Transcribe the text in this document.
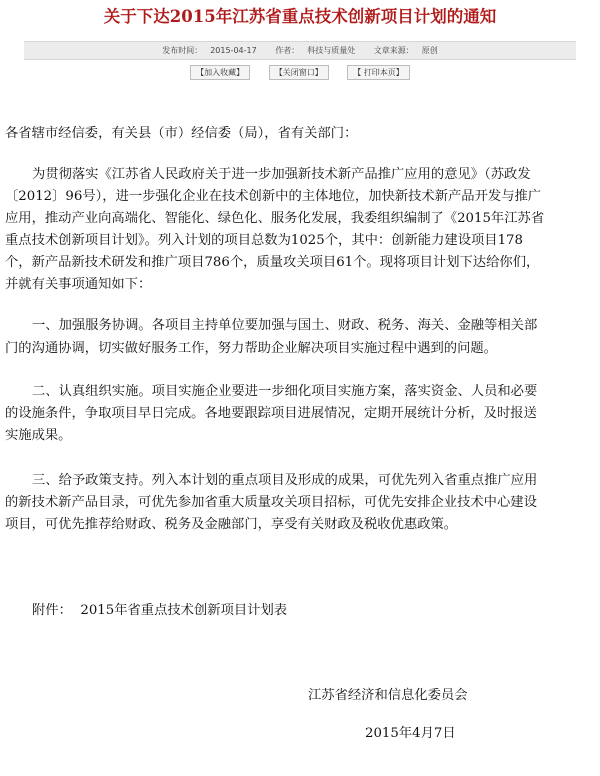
关于下达2015年江苏省重点技术创新项目计划的通知
发布时间： 2015-04-17 作者： 科技与质量处 文章来源： 原创
【加入收藏】	【关闭窗口】	【 打印本页】
各省辖市经信委，有关县（市）经信委（局），省有关部门：
为贯彻落实《江苏省人民政府关于进一步加强新技术新产品推广应用的意见》（苏政发
〔2012〕96号），进一步强化企业在技术创新中的主体地位，加快新技术新产品开发与推广
应用，推动产业向高端化、智能化、绿色化、服务化发展，我委组织编制了《2015年江苏省
重点技术创新项目计划》。列入计划的项目总数为1025个，其中：创新能力建设项目178
个，新产品新技术研发和推广项目786个，质量攻关项目61个。现将项目计划下达给你们，
并就有关事项通知如下：
一、加强服务协调。各项目主持单位要加强与国土、财政、税务、海关、金融等相关部
门的沟通协调，切实做好服务工作，努力帮助企业解决项目实施过程中遇到的问题。
二、认真组织实施。项目实施企业要进一步细化项目实施方案，落实资金、人员和必要
的设施条件，争取项目早日完成。各地要跟踪项目进展情况，定期开展统计分析，及时报送
实施成果。
三、给予政策支持。列入本计划的重点项目及形成的成果，可优先列入省重点推广应用
的新技术新产品目录，可优先参加省重大质量攻关项目招标，可优先安排企业技术中心建设
项目，可优先推荐给财政、税务及金融部门，享受有关财政及税收优惠政策。
附件： 2015年省重点技术创新项目计划表
江苏省经济和信息化委员会
2015年4月7日
